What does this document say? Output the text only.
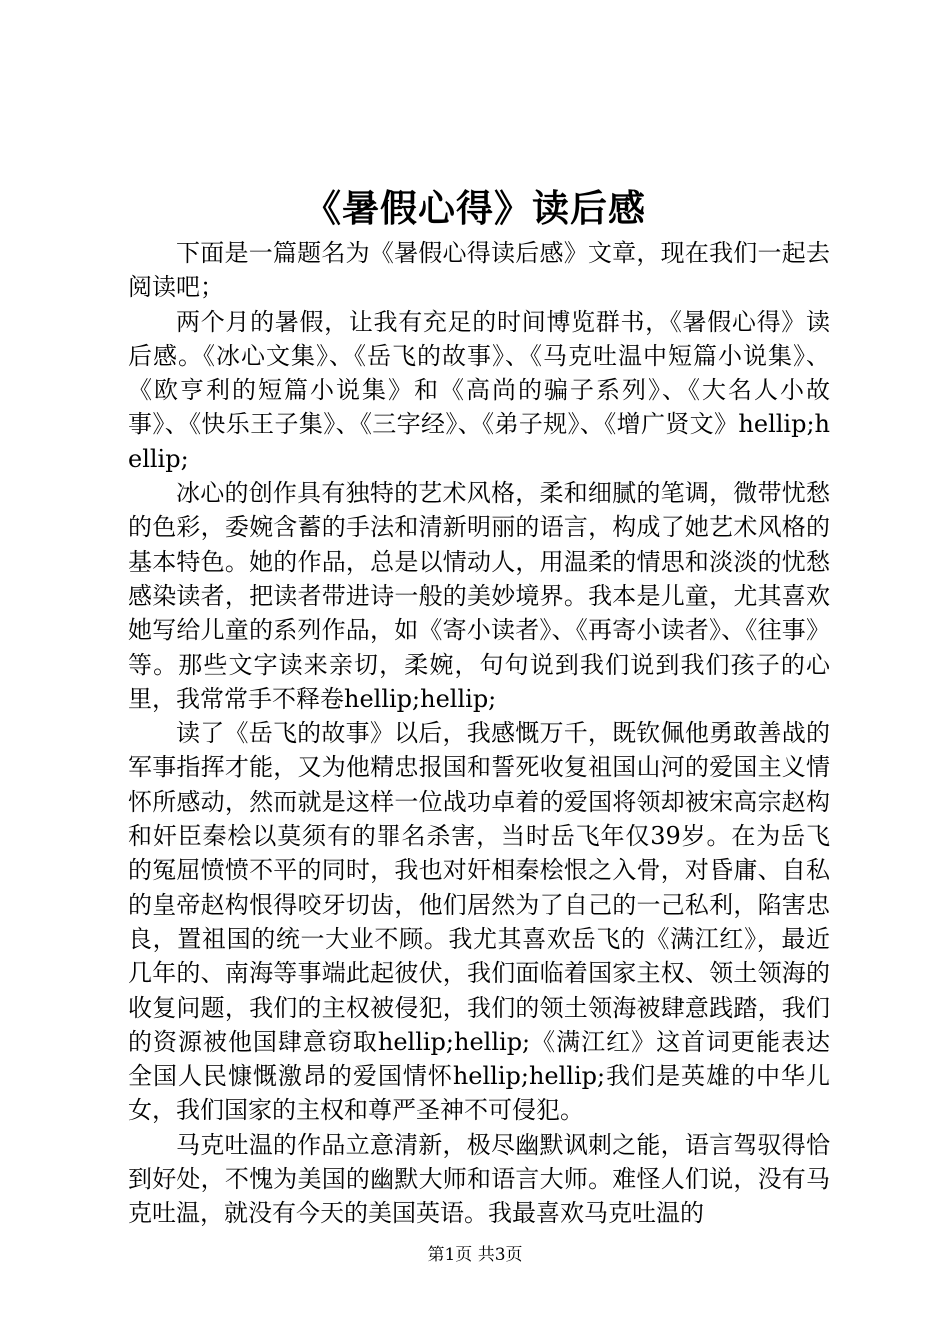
《暑假心得》读后感

下面是一篇题名为《暑假心得读后感》文章，现在我们一起去阅读吧；

两个月的暑假，让我有充足的时间博览群书，《暑假心得》读后感。《冰心文集》、《岳飞的故事》、《马克吐温中短篇小说集》、《欧亨利的短篇小说集》和《高尚的骗子系列》、《大名人小故事》、《快乐王子集》、《三字经》、《弟子规》、《增广贤文》hellip;hellip;

冰心的创作具有独特的艺术风格，柔和细腻的笔调，微带忧愁的色彩，委婉含蓄的手法和清新明丽的语言，构成了她艺术风格的基本特色。她的作品，总是以情动人，用温柔的情思和淡淡的忧愁感染读者，把读者带进诗一般的美妙境界。我本是儿童，尤其喜欢她写给儿童的系列作品，如《寄小读者》、《再寄小读者》、《往事》等。那些文字读来亲切，柔婉，句句说到我们说到我们孩子的心里，我常常手不释卷hellip;hellip;

读了《岳飞的故事》以后，我感慨万千，既钦佩他勇敢善战的军事指挥才能，又为他精忠报国和誓死收复祖国山河的爱国主义情怀所感动，然而就是这样一位战功卓着的爱国将领却被宋高宗赵构和奸臣秦桧以莫须有的罪名杀害，当时岳飞年仅39岁。在为岳飞的冤屈愤愤不平的同时，我也对奸相秦桧恨之入骨，对昏庸、自私的皇帝赵构恨得咬牙切齿，他们居然为了自己的一己私利，陷害忠良，置祖国的统一大业不顾。我尤其喜欢岳飞的《满江红》，最近几年的、南海等事端此起彼伏，我们面临着国家主权、领土领海的收复问题，我们的主权被侵犯，我们的领土领海被肆意践踏，我们的资源被他国肆意窃取hellip;hellip;《满江红》这首词更能表达全国人民慷慨激昂的爱国情怀hellip;hellip;我们是英雄的中华儿女，我们国家的主权和尊严圣神不可侵犯。

马克吐温的作品立意清新，极尽幽默讽刺之能，语言驾驭得恰到好处，不愧为美国的幽默大师和语言大师。难怪人们说，没有马克吐温，就没有今天的美国英语。我最喜欢马克吐温的

第1页 共3页
